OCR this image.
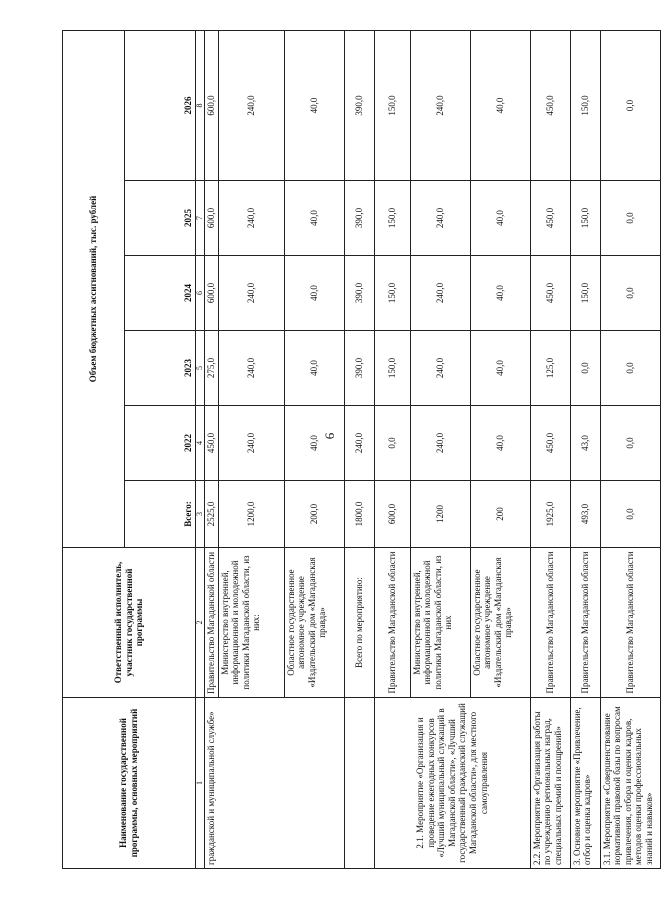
6
Наименование государственной программы, основных мероприятий	Ответственный исполнитель, участник государственной программы	Объем бюджетных ассигнований, тыс. рублей					
		Всего:	2022	2023	2024	2025	2026
1	2	3	4	5	6	7	8
гражданской и муниципальной службе»	Правительство Магаданской области	2525,0	450,0	275,0	600,0	600,0	600,0
	Министерство внутренней, информационной и молодежной политики Магаданской области, из них:	1200,0	240,0	240,0	240,0	240,0	240,0
	Областное государственное автономное учреждение «Издательский дом «Магаданская правда»	200,0	40,0	40,0	40,0	40,0	40,0
	Всего по мероприятию:	1800,0	240,0	390,0	390,0	390,0	390,0
2.1. Мероприятие «Организация и проведение ежегодных конкурсов «Лучший муниципальный служащий в Магаданской области», «Лучший государственный гражданский служащий Магаданской области», для местного самоуправления	Правительство Магаданской области	600,0	0,0	150,0	150,0	150,0	150,0
	Министерство внутренней, информационной и молодежной политики Магаданской области, из них	1200	240,0	240,0	240,0	240,0	240,0
	Областное государственное автономное учреждение «Издательский дом «Магаданская правда»	200	40,0	40,0	40,0	40,0	40,0
2.2. Мероприятие «Организация работы по учреждению региональных наград, специальных премий и поощрений»	Правительство Магаданской области	1925,0	450,0	125,0	450,0	450,0	450,0
3. Основное мероприятие «Привлечение, отбор и оценка кадров»	Правительство Магаданской области	493,0	43,0	0,0	150,0	150,0	150,0
3.1. Мероприятие «Совершенствование нормативной правовой базы по вопросам привлечения, отбора и оценки кадров, методов оценки профессиональных знаний и навыков»	Правительство Магаданской области	0,0	0,0	0,0	0,0	0,0	0,0
